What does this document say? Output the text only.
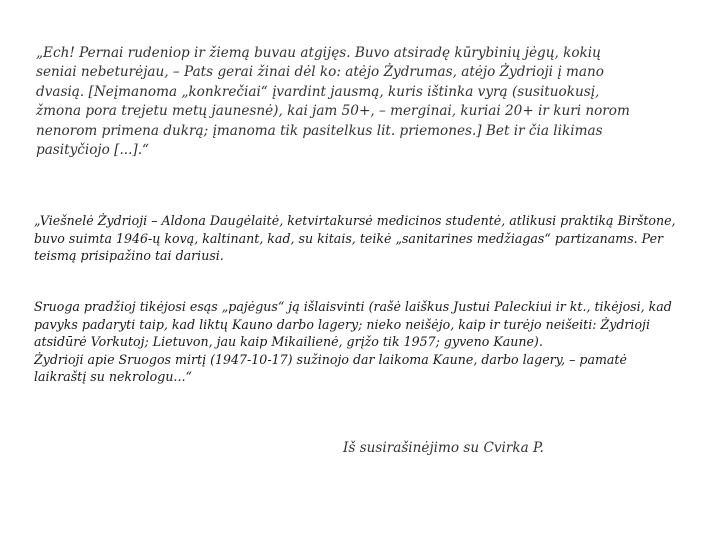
„Ech! Pernai rudeniop ir žiemą buvau atgijęs. Buvo atsiradę kūrybinių jėgų, kokių
seniai nebeturėjau, – Pats gerai žinai dėl ko: atėjo Żydrumas, atėjo Żydrioji į mano
dvasią. [Neįmanoma „konkrečiai“ įvardint jausmą, kuris ištinka vyrą (susituokusį,
žmona pora trejetu metų jaunesnė), kai jam 50+, – merginai, kuriai 20+ ir kuri norom
nenorom primena dukrą; įmanoma tik pasitelkus lit. priemones.] Bet ir čia likimas
pasityčiojo [...].“

„Viešnelė Żydrioji – Aldona Daugėlaitė, ketvirtakursė medicinos studentė, atlikusi praktiką Birštone,
buvo suimta 1946-ų kovą, kaltinant, kad, su kitais, teikė „sanitarines medžiagas“ partizanams. Per
teismą prisipažino tai dariusi.

Sruoga pradžioj tikėjosi esąs „pajėgus“ ją išlaisvinti (rašė laiškus Justui Paleckiui ir kt., tikėjosi, kad
pavyks padaryti taip, kad liktų Kauno darbo lagery; nieko neišėjo, kaip ir turėjo neišeiti: Żydrioji
atsidūrė Vorkutoj; Lietuvon, jau kaip Mikailienė, grįžo tik 1957; gyveno Kaune).
Żydrioji apie Sruogos mirtį (1947-10-17) sužinojo dar laikoma Kaune, darbo lagery, – pamatė
laikraštį su nekrologu...“

Iš susirašinėjimo su Cvirka P.
